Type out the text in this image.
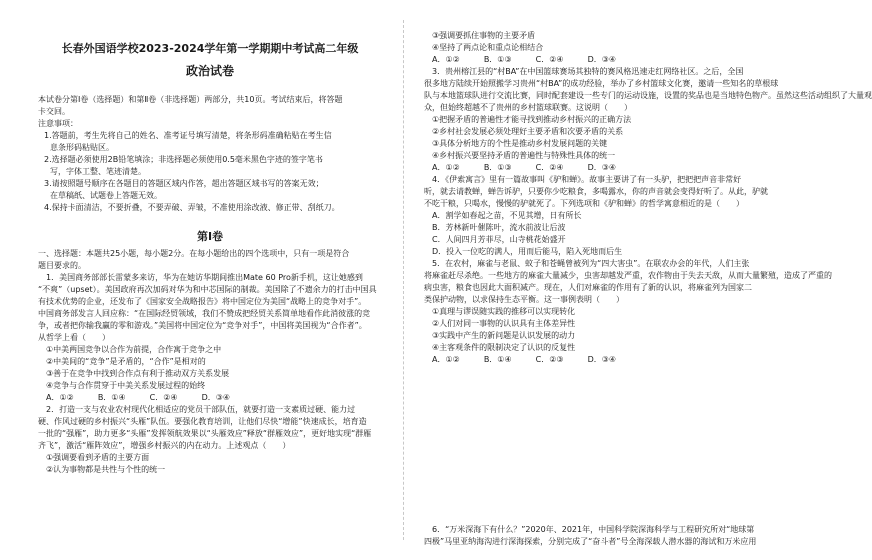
长春外国语学校2023-2024学年第一学期期中考试高二年级
政治试卷
本试卷分第Ⅰ卷（选择题）和第Ⅱ卷（非选择题）两部分，共10页。考试结束后，将答题
卡交回。
注意事项：
1.答题前，考生先将自己的姓名、准考证号填写清楚，将条形码准确粘贴在考生信
息条形码粘贴区。
2.选择题必须使用2B铅笔填涂；非选择题必须使用0.5毫米黑色字迹的签字笔书
写，字体工整、笔迹清楚。
3.请按照题号顺序在各题目的答题区域内作答，超出答题区域书写的答案无效；
在草稿纸、试题卷上答题无效。
4.保持卡面清洁，不要折叠，不要弄破、弄皱，不准使用涂改液、修正带、刮纸刀。
第Ⅰ卷
一、选择题：本题共25小题，每小题2分。在每小题给出的四个选项中，只有一项是符合
题目要求的。
1．美国商务部部长雷蒙多来访，华为在她访华期间推出Mate 60 Pro新手机，这让她感到
“不爽”（upset）。美国政府再次加码对华为和中芯国际的制裁。美国除了不遗余力的打击中国具
有技术优势的企业，还发布了《国家安全战略报告》将中国定位为美国“战略上的竞争对手”。
中国商务部发言人回应称：“在国际经贸领域，我们不赞成把经贸关系简单地看作此消彼涨的竞
争，或者把你输我赢的零和游戏。”美国将中国定位为“竞争对手”，中国将美国视为“合作者”。
从哲学上看（　　）
①中美两国竞争以合作为前提，合作寓于竞争之中
②中美间的“竞争”是矛盾的，“合作”是相对的
③善于在竞争中找到合作点有利于推动双方关系发展
④竞争与合作贯穿于中美关系发展过程的始终
A．①②　　　B．①④　　　C．②④　　　D．③④
2．打造一支与农业农村现代化相适应的党员干部队伍，就要打造一支素质过硬、能力过
硬、作风过硬的乡村振兴“头雁”队伍。要强化教育培训，让他们尽快“增能”快速成长，培育造
一批的“强雁”，助力更多“头雁”发挥领航效果以“头雁效应”释放“群雁效应”，更好地实现“群雁
齐飞”，激活“雁阵效应”，增强乡村振兴的内在动力。上述观点（　　）
①强调要看到矛盾的主要方面
②认为事物都是共性与个性的统一
③强调要抓住事物的主要矛盾
④坚持了两点论和重点论相结合
A．①②　　　B．①③　　　C．②④　　　D．③④
3．贵州榕江县的“村BA”在中国篮球赛场其独特的赛风格迅速走红网络社区。之后，全国
很多地方陆续开始照搬学习贵州“村BA”的成功经验，举办了乡村篮球文化赛，邀请一些知名的草根球
队与本地篮球队进行交流比赛，同时配套建设一些专门的运动设施，设置的奖品也是当地特色物产。虽然这些活动组织了大量观
众，但始终超越不了贵州的乡村篮球联赛。这说明（　　）
①把握矛盾的普遍性才能寻找到推动乡村振兴的正确方法
②乡村社会发展必须处理好主要矛盾和次要矛盾的关系
③具体分析地方的个性是推动乡村发展问题的关键
④乡村振兴要坚持矛盾的普遍性与特殊性具体的统一
A．①②　　　B．①③　　　C．②④　　　D．③④
4．《伊索寓言》里有一篇故事叫《驴和蝉》。故事主要讲了有一头驴，把把把声音非常好
听，就去请教蝉，蝉告诉驴，只要你少吃粮食，多喝露水，你的声音就会变得好听了。从此，驴就
不吃干粮，只喝水，慢慢的驴就死了。下列选项和《驴和蝉》的哲学寓意相近的是（　　）
A．割学如春起之苗，不见其增，日有所长
B．芳林新叶催陈叶，流水前波让后波
C．人间四月芳菲尽，山寺桃花始盛开
D．投入一位吃的满人，用而后能马，陷入死地而后生
5．在农村，麻雀与老鼠、蚊子和苍蝇曾被列为“四大害虫”。在联农办会的年代，人们主张
将麻雀赶尽杀绝。一些地方的麻雀大量减少，虫害却越发严重，农作物由于失去天敌，从而大量繁殖，造成了严重的
病虫害，粮食也因此大面积减产。现在，人们对麻雀的作用有了新的认识，将麻雀列为国家二
类保护动物，以求保持生态平衡。这一事例表明（　　）
①真理与谬误随实践的推移可以实现转化
②人们对同一事物的认识具有主体差异性
③实践中产生的新问题是认识发展的动力
④主客观条件的限制决定了认识的反复性
A．①②　　　B．①④　　　C．②③　　　D．③④
6．“万米深海下有什么？”2020年、2021年，中国科学院深海科学与工程研究所对“地球第
四极”马里亚纳海沟进行深海探索，分别完成了“奋斗者”号全海深载人潜水器的海试和万米应用
